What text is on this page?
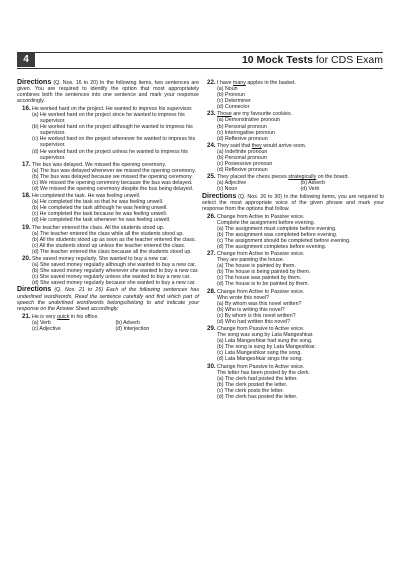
4	10 Mock Tests for CDS Exam

Directions (Q. Nos. 16 to 20) In the following items, two sentences are given. You are required to identify the option that most appropriately combines both the sentences into one sentence and mark your response accordingly.

16. He worked hard on the project. He wanted to impress his supervisor.
(a) He worked hard on the project since he wanted to impress his supervisor.
(b) He worked hard on the project although he wanted to impress his supervisor.
(c) He worked hard on the project whenever he wanted to impress his supervisor.
(d) He worked hard on the project unless he wanted to impress his supervisor.
17. The bus was delayed. We missed the opening ceremony.
(a) The bus was delayed whenever we missed the opening ceremony.
(b) The bus was delayed because we missed the opening ceremony.
(c) We missed the opening ceremony because the bus was delayed.
(d) We missed the opening ceremony despite the bus being delayed.
18. He completed the task. He was feeling unwell.
(a) He completed the task so that he was feeling unwell.
(b) He completed the task although he was feeling unwell.
(c) He completed the task because he was feeling unwell.
(d) He completed the task whenever he was feeling unwell.
19. The teacher entered the class. All the students stood up.
(a) The teacher entered the class while all the students stood up.
(b) All the students stood up as soon as the teacher entered the class.
(c) All the students stood up unless the teacher entered the class.
(d) The teacher entered the class because all the students stood up.
20. She saved money regularly. She wanted to buy a new car.
(a) She saved money regularly although she wanted to buy a new car.
(b) She saved money regularly whenever she wanted to buy a new car.
(c) She saved money regularly unless she wanted to buy a new car.
(d) She saved money regularly because she wanted to buy a new car.

Directions (Q. Nos. 21 to 25) Each of the following sentences has underlined word/words. Read the sentence carefully and find which part of speech the underlined word/words belongs/belong to and indicate your response on the Answer Sheet accordingly.

21. He is very quick in his office.
(a) Verb	(b) Adverb
(c) Adjective	(d) Interjection
22. I have many apples in the basket.
(a) Noun
(b) Pronoun
(c) Determiner
(d) Connector
23. Those are my favourite cookies.
(a) Demonstrative pronoun
(b) Personal pronoun
(c) Interrogative pronoun
(d) Reflexive pronoun
24. They said that they would arrive soon.
(a) Indefinite pronoun
(b) Personal pronoun
(c) Possessive pronoun
(d) Reflexive pronoun
25. They placed the chess pieces strategically on the board.
(a) Adjective	(b) Adverb
(c) Noun	(d) Verb

Directions (Q. Nos. 26 to 30) In the following items, you are required to select the most appropriate voice of the given phrase and mark your response from the options that follow.

26. Change from Active to Passive voice.
Complete the assignment before evening.
(a) The assignment must complete before evening.
(b) The assignment was completed before evening.
(c) The assignment should be completed before evening.
(d) The assignment completes before evening.
27. Change from Active to Passive voice.
They are painting the house.
(a) The house is painted by them.
(b) The house is being painted by them.
(c) The house was painted by them.
(d) The house is to be painted by them.
28. Change from Active to Passive voice.
Who wrote this novel?
(a) By whom was this novel written?
(b) Who is writing this novel?
(c) By whom is this novel written?
(d) Who had written this novel?
29. Change from Passive to Active voice.
The song was sung by Lata Mangeshkar.
(a) Lata Mangeshkar had sung the song.
(b) The song is sung by Lata Mangeshkar.
(c) Lata Mangeshkar sang the song.
(d) Lata Mangeshkar sings the song.
30. Change from Passive to Active voice.
The letter has been posted by the clerk.
(a) The clerk had posted the letter.
(b) The clerk posted the letter.
(c) The clerk posts the letter.
(d) The clerk has posted the letter.
